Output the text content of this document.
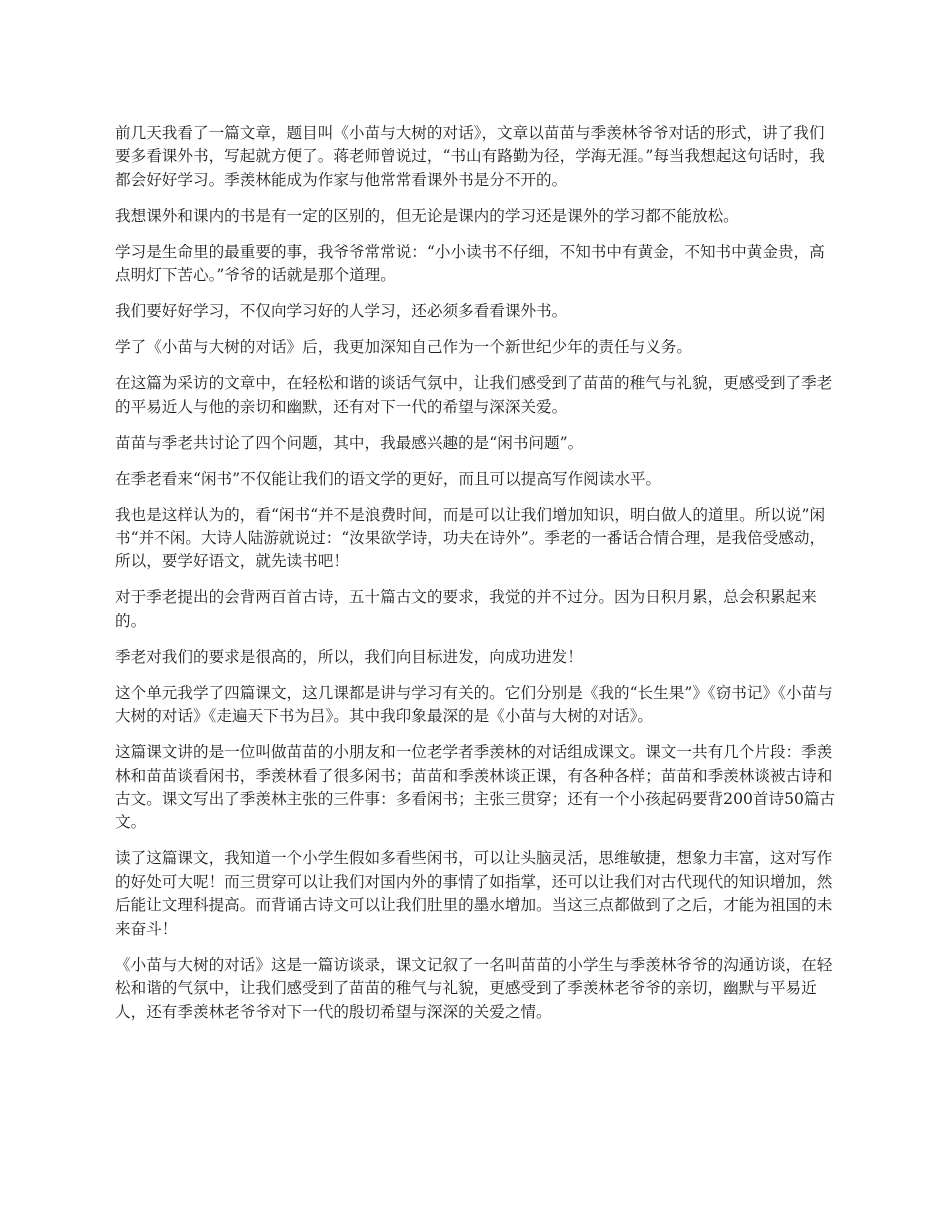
前几天我看了一篇文章，题目叫《小苗与大树的对话》，文章以苗苗与季羡林爷爷对话的形式，讲了我们要多看课外书，写起就方便了。蒋老师曾说过，“书山有路勤为径，学海无涯。”每当我想起这句话时，我都会好好学习。季羡林能成为作家与他常常看课外书是分不开的。

我想课外和课内的书是有一定的区别的，但无论是课内的学习还是课外的学习都不能放松。

学习是生命里的最重要的事，我爷爷常常说：“小小读书不仔细，不知书中有黄金，不知书中黄金贵，高点明灯下苦心。”爷爷的话就是那个道理。

我们要好好学习，不仅向学习好的人学习，还必须多看看课外书。

学了《小苗与大树的对话》后，我更加深知自己作为一个新世纪少年的责任与义务。

在这篇为采访的文章中，在轻松和谐的谈话气氛中，让我们感受到了苗苗的稚气与礼貌，更感受到了季老的平易近人与他的亲切和幽默，还有对下一代的希望与深深关爱。

苗苗与季老共讨论了四个问题，其中，我最感兴趣的是“闲书问题”。

在季老看来“闲书”不仅能让我们的语文学的更好，而且可以提高写作阅读水平。

我也是这样认为的，看“闲书“并不是浪费时间，而是可以让我们增加知识，明白做人的道里。所以说”闲书“并不闲。大诗人陆游就说过：“汝果欲学诗，功夫在诗外”。季老的一番话合情合理，是我倍受感动，所以，要学好语文，就先读书吧！

对于季老提出的会背两百首古诗，五十篇古文的要求，我觉的并不过分。因为日积月累，总会积累起来的。

季老对我们的要求是很高的，所以，我们向目标进发，向成功进发！

这个单元我学了四篇课文，这几课都是讲与学习有关的。它们分别是《我的“长生果”》《窃书记》《小苗与大树的对话》《走遍天下书为吕》。其中我印象最深的是《小苗与大树的对话》。

这篇课文讲的是一位叫做苗苗的小朋友和一位老学者季羡林的对话组成课文。课文一共有几个片段：季羡林和苗苗谈看闲书，季羡林看了很多闲书；苗苗和季羡林谈正课，有各种各样；苗苗和季羡林谈被古诗和古文。课文写出了季羡林主张的三件事：多看闲书；主张三贯穿；还有一个小孩起码要背200首诗50篇古文。

读了这篇课文，我知道一个小学生假如多看些闲书，可以让头脑灵活，思维敏捷，想象力丰富，这对写作的好处可大呢！而三贯穿可以让我们对国内外的事情了如指掌，还可以让我们对古代现代的知识增加，然后能让文理科提高。而背诵古诗文可以让我们肚里的墨水增加。当这三点都做到了之后，才能为祖国的未来奋斗！

《小苗与大树的对话》这是一篇访谈录，课文记叙了一名叫苗苗的小学生与季羡林爷爷的沟通访谈，在轻松和谐的气氛中，让我们感受到了苗苗的稚气与礼貌，更感受到了季羡林老爷爷的亲切，幽默与平易近人，还有季羡林老爷爷对下一代的殷切希望与深深的关爱之情。
